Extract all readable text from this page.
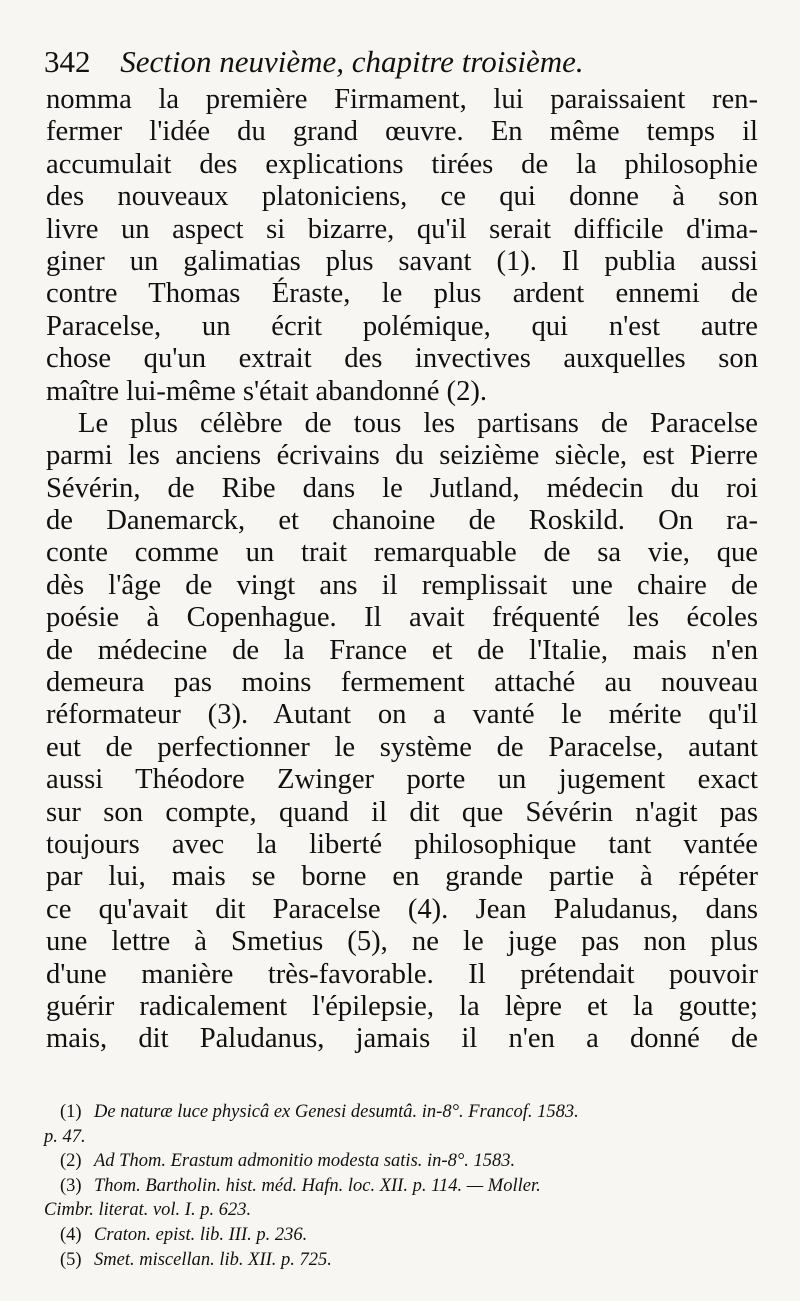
342 Section neuvième, chapitre troisième.
nomma la première Firmament, lui paraissaient ren-
fermer l'idée du grand œuvre. En même temps il
accumulait des explications tirées de la philosophie
des nouveaux platoniciens, ce qui donne à son
livre un aspect si bizarre, qu'il serait difficile d'ima-
giner un galimatias plus savant (1). Il publia aussi
contre Thomas Éraste, le plus ardent ennemi de
Paracelse, un écrit polémique, qui n'est autre
chose qu'un extrait des invectives auxquelles son
maître lui-même s'était abandonné (2).
Le plus célèbre de tous les partisans de Paracelse
parmi les anciens écrivains du seizième siècle, est Pierre
Sévérin, de Ribe dans le Jutland, médecin du roi
de Danemarck, et chanoine de Roskild. On ra-
conte comme un trait remarquable de sa vie, que
dès l'âge de vingt ans il remplissait une chaire de
poésie à Copenhague. Il avait fréquenté les écoles
de médecine de la France et de l'Italie, mais n'en
demeura pas moins fermement attaché au nouveau
réformateur (3). Autant on a vanté le mérite qu'il
eut de perfectionner le système de Paracelse, autant
aussi Théodore Zwinger porte un jugement exact
sur son compte, quand il dit que Sévérin n'agit pas
toujours avec la liberté philosophique tant vantée
par lui, mais se borne en grande partie à répéter
ce qu'avait dit Paracelse (4). Jean Paludanus, dans
une lettre à Smetius (5), ne le juge pas non plus
d'une manière très-favorable. Il prétendait pouvoir
guérir radicalement l'épilepsie, la lèpre et la goutte;
mais, dit Paludanus, jamais il n'en a donné de
(1) De naturæ luce physicâ ex Genesi desumtâ. in-8°. Francof. 1583.
p. 47.
(2) Ad Thom. Erastum admonitio modesta satis. in-8°. 1583.
(3) Thom. Bartholin. hist. méd. Hafn. loc. XII. p. 114. — Moller.
Cimbr. literat. vol. I. p. 623.
(4) Craton. epist. lib. III. p. 236.
(5) Smet. miscellan. lib. XII. p. 725.
